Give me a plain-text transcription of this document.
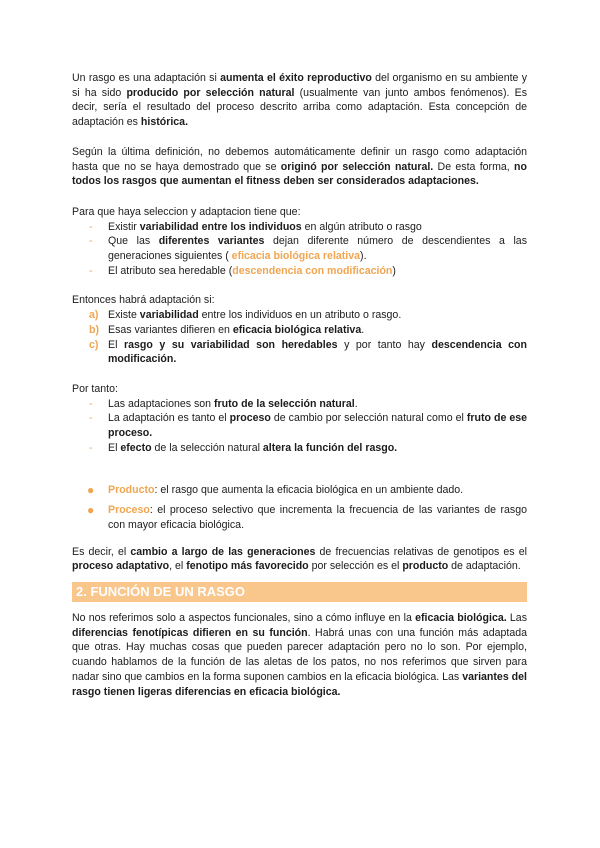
Un rasgo es una adaptación si aumenta el éxito reproductivo del organismo en su ambiente y si ha sido producido por selección natural (usualmente van junto ambos fenómenos). Es decir, sería el resultado del proceso descrito arriba como adaptación. Esta concepción de adaptación es histórica.

Según la última definición, no debemos automáticamente definir un rasgo como adaptación hasta que no se haya demostrado que se originó por selección natural. De esta forma, no todos los rasgos que aumentan el fitness deben ser considerados adaptaciones.

Para que haya seleccion y adaptacion tiene que:

- Existir variabilidad entre los individuos en algún atributo o rasgo
- Que las diferentes variantes dejan diferente número de descendientes a las generaciones siguientes ( eficacia biológica relativa).
- El atributo sea heredable (descendencia con modificación)

Entonces habrá adaptación si:

a) Existe variabilidad entre los individuos en un atributo o rasgo.
b) Esas variantes difieren en eficacia biológica relativa.
c) El rasgo y su variabilidad son heredables y por tanto hay descendencia con modificación.

Por tanto:

- Las adaptaciones son fruto de la selección natural.
- La adaptación es tanto el proceso de cambio por selección natural como el fruto de ese proceso.
- El efecto de la selección natural altera la función del rasgo.
● Producto: el rasgo que aumenta la eficacia biológica en un ambiente dado.
● Proceso: el proceso selectivo que incrementa la frecuencia de las variantes de rasgo con mayor eficacia biológica.

Es decir, el cambio a largo de las generaciones de frecuencias relativas de genotipos es el proceso adaptativo, el fenotipo más favorecido por selección es el producto de adaptación.

2. FUNCIÓN DE UN RASGO

No nos referimos solo a aspectos funcionales, sino a cómo influye en la eficacia biológica. Las diferencias fenotípicas difieren en su función. Habrá unas con una función más adaptada que otras. Hay muchas cosas que pueden parecer adaptación pero no lo son. Por ejemplo, cuando hablamos de la función de las aletas de los patos, no nos referimos que sirven para nadar sino que cambios en la forma suponen cambios en la eficacia biológica. Las variantes del rasgo tienen ligeras diferencias en eficacia biológica.
